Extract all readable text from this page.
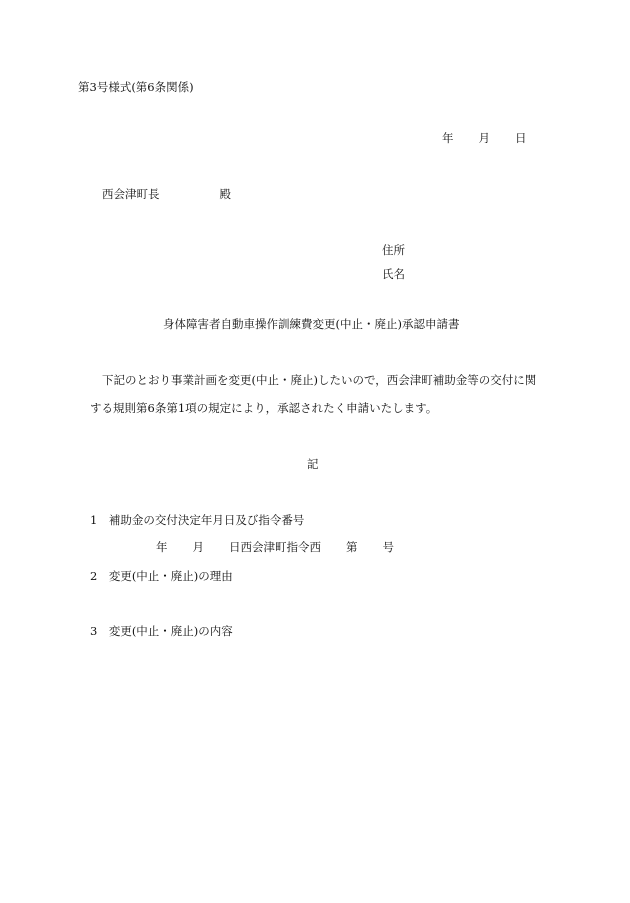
第3号様式(第6条関係)
年 月 日
西会津町長	殿
住所
氏名
身体障害者自動車操作訓練費変更(中止・廃止)承認申請書
下記のとおり事業計画を変更(中止・廃止)したいので，西会津町補助金等の交付に関
する規則第6条第1項の規定により，承認されたく申請いたします。
記
1　補助金の交付決定年月日及び指令番号
年 月 日西会津町指令西 第 号
2　変更(中止・廃止)の理由
3　変更(中止・廃止)の内容
